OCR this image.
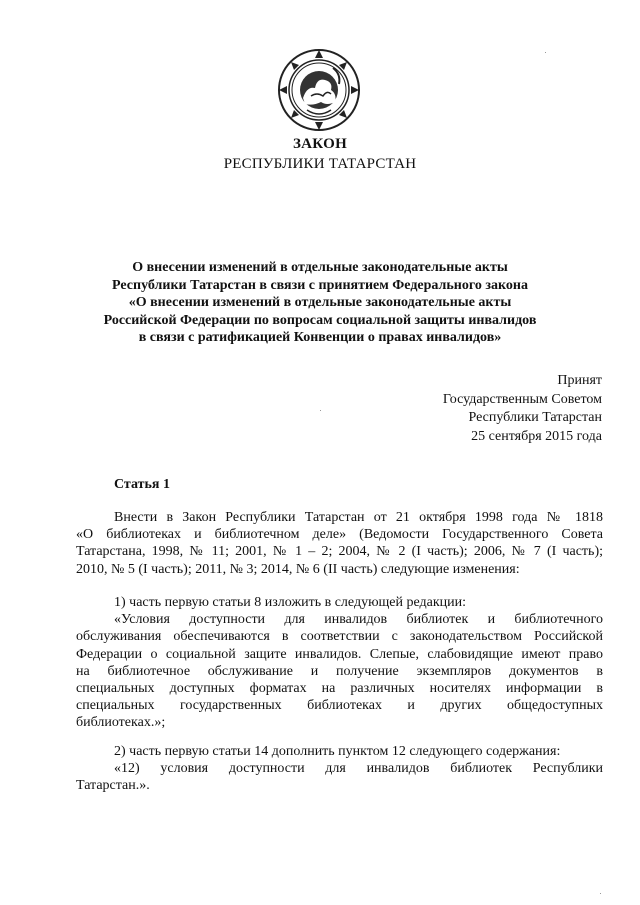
ЗАКОН
РЕСПУБЛИКИ ТАТАРСТАН
О внесении изменений в отдельные законодательные акты
Республики Татарстан в связи с принятием Федерального закона
«О внесении изменений в отдельные законодательные акты
Российской Федерации по вопросам социальной защиты инвалидов
в связи с ратификацией Конвенции о правах инвалидов»
Принят
Государственным Советом
Республики Татарстан
25 сентября 2015 года
Статья 1
Внести в Закон Республики Татарстан от 21 октября 1998 года № 1818
«О библиотеках и библиотечном деле» (Ведомости Государственного Совета
Татарстана, 1998, № 11; 2001, № 1 – 2; 2004, № 2 (I часть); 2006, № 7 (I часть);
2010, № 5 (I часть); 2011, № 3; 2014, № 6 (II часть) следующие изменения:
1) часть первую статьи 8 изложить в следующей редакции:
«Условия доступности для инвалидов библиотек и библиотечного
обслуживания обеспечиваются в соответствии с законодательством Российской
Федерации о социальной защите инвалидов. Слепые, слабовидящие имеют право
на библиотечное обслуживание и получение экземпляров документов в
специальных доступных форматах на различных носителях информации в
специальных государственных библиотеках и других общедоступных
библиотеках.»;
2) часть первую статьи 14 дополнить пунктом 12 следующего содержания:
«12) условия доступности для инвалидов библиотек Республики
Татарстан.».
